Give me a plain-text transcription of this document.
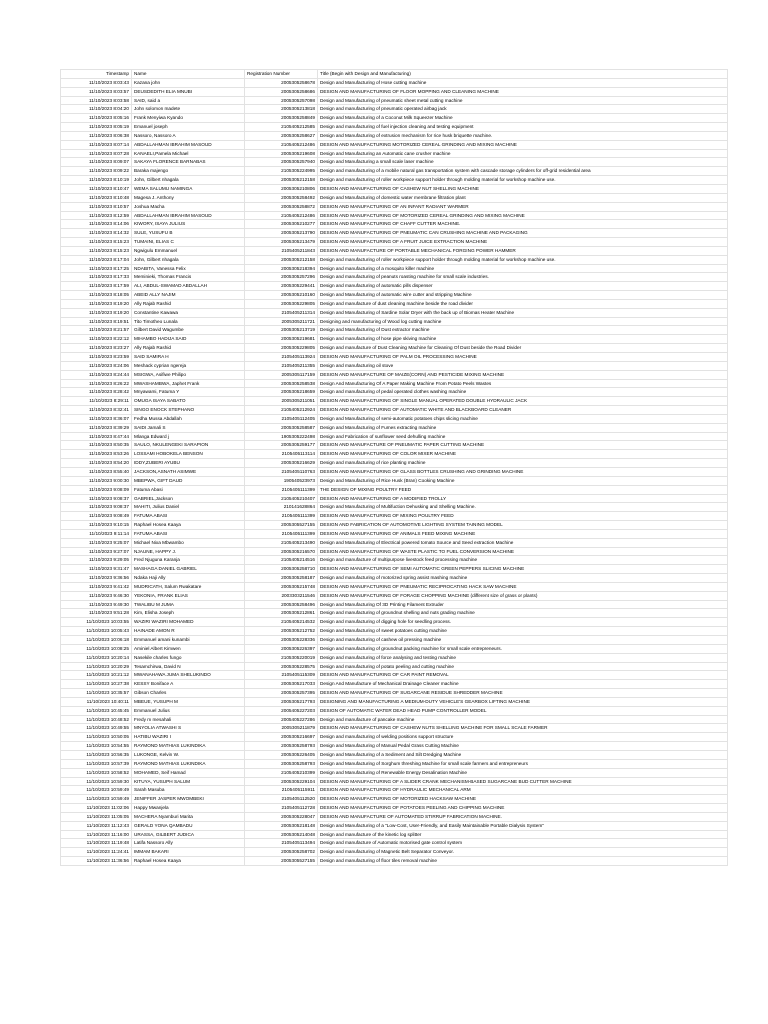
Timestamp	Name	Registration Number	Title (Begin with Design and Manufacturing)
11/10/2023 8:03:43	Kazana john	2005305258678	Design and Manufacturing of Hose cutting machine
11/10/2023 8:03:57	DEUSDEDITH ELIA MNUBI	2005305258686	DESIGN AND MANUFACTURING OF FLOOR MOPPING AND CLEANING MACHINE
11/10/2023 8:03:58	SAID, said a	2005305257098	Design and Manufacturing of pneumatic sheet metal cutting machine
11/10/2023 8:04:20	John solomon madete	2005305213818	Design and manufacturing of pneumatic operated airbag jack
11/10/2023 8:05:16	Frank Menyiwa Kyando	2005305258849	Design and Manufacturing of a Coconut Milk Squeezer Machine
11/10/2023 8:05:19	Emanuel joseph	2105405212585	Design and manufacturing of fuel injection cleaning and testing equipment
11/10/2023 8:06:38	Nassoro, Nassoro A	2005305258627	Design and Manufacturing of extrusion mechanism for rice husk briquette machine.
11/10/2023 8:07:14	ABDALLAHMAN IBRAHIM MASOUD	2105405212486	DESIGN AND MANUFACTURING MOTORIZED CEREAL GRINDING AND MIXING MACHINE
11/10/2023 8:07:28	KANAELI,Pamela Michael	2005305219608	Design and Manufacturing an Automatic cane crusher machine
11/10/2023 8:09:07	SAKAYA FLORENCE BARNABAS	2005305257940	Design and Manufacturing a small scale laser machine
11/10/2023 8:09:22	Baraka majengo	2105305224995	Design and manufacturing of a mobile natural gas transportation system with cascade storage cylinders for off-grid residential area
11/10/2023 8:10:19	John, Gilbert nhagala	2005305212158	Design and manufacturing of roller workpiece support holder through molding material for workshop machine use.
11/10/2023 8:10:47	WEMA SALUMU NAMINGA	2005305210806	DESIGN AND MANUFACTURING OF CASHEW NUT SHELLING MACHINE
11/10/2023 8:10:48	Magesa J. Anthony	2005305258492	Design and Manufacturing of domestic water membrane filtration plant
11/10/2023 8:10:57	Joshua Macha	2005305258872	DESIGN AND MANUFACTURING OF AN INFANT RADIANT WARMER
11/10/2023 8:12:59	ABDALLAHMAN IBRAHIM MASOUD	2105405212486	DESIGN AND MANUFACTURING OF MOTORIZED CEREAL GRINDING AND MIXING MACHINE
11/10/2023 8:14:06	KIWORY, ISAYA JULIUS	2005305210277	DESIGN AND MANUFACTURING OF CHAFF CUTTER MACHINE.
11/10/2023 8:14:32	SULE, YUSUFU B	2005305213790	DESIGN AND MANUFACTURING OF PNEUMATIC CAN CRUSHING MACHINE AND PACKAGING
11/10/2023 8:15:23	TUMAINI, ELIAS C	2005305213479	DESIGN AND MANUFACTURING OF A FRUIT JUICE EXTRACTION MACHINE
11/10/2023 8:15:23	Ngwigulu Emmanuel	2105405211843	DESIGN AND MANUFACTURE OF PORTABLE MECHANICAL FORGING POWER HAMMER
11/10/2023 8:17:04	John, Gilbert nhagala	2005305212158	Design and manufacturing of roller workpiece support holder through molding material for workshop machine use.
11/10/2023 8:17:25	NDABITA, Vanessa Felix	2005305218394	Design and manufacturing of a mosquito killer machine
11/10/2023 8:17:33	Meminieki, Thomas Francis	2005305257296	Design and manufacturing of peanuts roasting machine for small scale industries.
11/10/2023 8:17:59	ALI, ABDUL-SWAMAD ABDALLAH	2005305229441	Design and manufacturing of automatic pills dispenser
11/10/2023 8:18:05	ABEID ALLY NAJIM	2005305210160	Design and Manufacturing of automatic wire cutter and stripping Machine
11/10/2023 8:19:20	Ally Rajab Rashid	2005305229805	Design and manufacture of dust cleaning machine beside the road divider
11/10/2023 8:19:20	Constantine Kawawa	2105405211314	Design and Manufacturing of Sardine Solar Dryer with the back up of Biomas Heater Machine
11/10/2023 8:19:51	Tito Timotheo Lunala	2005305211721	Designing and manufacturing of Wood log cutting machine
11/10/2023 8:21:57	Gilbert David Wagumbe	2005305213719	Design and Manufacturing of Dust extractor machine
11/10/2023 8:22:12	MIHAMBO HADIJA SAID	2005305219681	Design and manufacturing of hose pipe skiving machine
11/10/2023 8:23:27	Ally Rajab Rashid	2005305229805	Design and manufacture of Dust Cleaning Machine for Cleaning Of Dust beside the Road Divider
11/10/2023 8:23:59	SAID SAMIRA H	2105405113924	DESIGN AND MANUFACTURING OF PALM OIL PROCESSING MACHINE
11/10/2023 8:24:06	Meshack cyprian ngereja	2105405211355	Design and manufacturing oil stove
11/10/2023 8:24:44	MSIGWA, Asifiwe Philipo	2005305117159	DESIGN AND MANUFACTURE OF MAIZE(CORN) AND PESTICIDE MIXING MACHINE
11/10/2023 8:26:22	MWASHAMBWA, Japhet Frank	2005305258538	Design And Manufacturing Of A Paper Making Machine From Potato Peels Wastes
11/10/2023 8:28:42	Mnyawami, Fatuma Y	2005305218659	Design and manufacturing of pedal operated clothes washing machine
11/10/2023 8:29:11	OMUGA ISAYA SABATO	2005305211051	DESIGN AND MANUFACTURING OF SINGLE MANUAL OPERATED DOUBLE HYDRAULIC JACK
11/10/2023 8:32:41	SINGO ENOCK STEPHANO	2105405212924	DESIGN AND MANUFACTURING OF AUTOMATIC WHITE AND BLACKBOARD CLEANER
11/10/2023 8:36:07	Fedha Mussa Abdallah	2105405112405	Design and Manufacturing of semi-automatic potatoes chips slicing machine
11/10/2023 8:39:29	SAIDI Jamali S	2005305258587	Design and Manufacturing of Fumes extracting machine
11/10/2023 8:47:44	Mlanga Edward j	1905305222498	Design and Fabrication of sunflower seed dehulling machine
11/10/2023 8:50:35	SAULO, NKULENGEKI SARAPION	2005305259177	DESIGN AND MANUFACTURE OF PNEUMATIC PAPER CUTTING MACHINE
11/10/2023 8:53:26	LOSSAMI HOBOKELA BENSON	2105405113114	DESIGN AND MANUFACTURING OF COLOR MIXER MACHINE
11/10/2023 8:54:20	IDDY,ZUBERI AYUBU	2005305216629	Design and manufacturing of rice planting machine
11/10/2023 8:55:40	JACKSON,ASNATH ASIMWE	2105405110763	DESIGN AND MANUFACTURING OF GLASS BOTTLES CRUSHING AND GRINDING MACHINE
11/10/2023 9:00:30	MBEPWA, GIFT DAUD	190540523973	Design and Manufacturing of Rice Husk (Bran) Cooking Machine
11/10/2023 9:08:09	Fatuma Abasi	2105405111399	THE DESIGN OF MIXING POULTRY FEED
11/10/2023 9:08:37	GABRIEL,Jackson	2105405210407	DESIGN AND MANUFACTURING OF A MODIFIED TROLLY
11/10/2023 9:08:37	MAHITI, Julius Daniel	210141628864	Design and Manufacturing of Multifuction Dehusking and Shelling Machine.
11/10/2023 9:08:49	FATUMA ABASI	2105405111399	DESIGN AND MANUFACTURING OF MIXING POULTRY FEED
11/10/2023 9:10:15	Raphael Hosea Kaaya	2005305527155	DESIGN AND FABRICATION OF AUTOMOTIVE LIGHTING SYSTEM TAINING MODEL
11/10/2023 9:11:14	FATUMA ABASI	2105405111399	DESIGN AND MANUFACTURING OF ANIMALS FEED MIXING MACHINE
11/10/2023 9:25:07	Michael Nixa Mbwambo	2105405213490	Design and Manufacturing of Electrical powered tomato Source and Seed extraction Machine
11/10/2023 9:27:07	NJAUNE, HAPPY J.	2005305216570	DESIGN AND MANUFACTURING OF WASTE PLASTIC TO FUEL CONVERSION MACHINE
11/10/2023 9:29:05	Fred Njuguna Karanja	2105405214516	Design and manufacture of multipurpose livestock feed processing machine
11/10/2023 9:31:47	MASHAGA DANIEL GABRIEL	2005305258710	DESIGN AND MANUFACTURING OF SEMI AUTOMATIC GREEN PEPPERS SLICING MACHINE
11/10/2023 9:36:56	Ndaka Haji Ally	2005305258187	Design and manufacturing of motorized spring assist mashing machine
11/10/2023 9:41:42	MUDRICATH, Salum Rwakatare	2005305215748	DESIGN AND MANUFACTURING OF PNEUMATIC RECIPROCATING HACK SAW MACHINE
11/10/2023 9:46:30	YEKONIA, FRANK ELIAS	2003303211546	DESIGN AND MANUFACTURING OF FORAGE CHOPPING MACHINE (different size of grass or plants)
11/10/2023 9:49:30	TWALIBU M JUMA	2005305258496	Design and Manufacturing Of 3D Printing Filament Extruder
11/10/2023 9:51:28	Kim, Elisha Joseph	2005305212861	Design and manufacturing of groundnut shelling and nuts grading machine
11/10/2023 10:03:55	WAZIRI WAZIRI MOHAMED	2105405214532	Design and manufacturing of digging hole for seedling process.
11/10/2023 10:05:43	HAINADE AMON R	2005305212752	Design and Manufacturing of sweet potatoes cutting machine
11/10/2023 10:06:18	Emmanuel amani kunambi	2005305228336	Design and manufacturing of cashew oil pressing machine
11/10/2023 10:08:25	Aminiel Albert Kimwen	2005305226397	Design and manufacturing of groundnut packing machine for small scale entrepreneurs.
11/10/2023 10:20:14	Nasekile charles fungo	2105305220019	Design and manufacturing of force analysing and testing machine
11/10/2023 10:20:29	Tesamchirwa, David N	2005305228575	Design and manufacturing of potato peeling and cutting machine
11/10/2023 10:21:12	MWANAHAWA JUMA SHELUKINDO	2105405115309	DESIGN AND MANUFACTURING OF CAR PAINT REMOVAL
11/10/2023 10:27:38	KESSY Boniface A	2005305217033	Design And Manufacture of Mechanical Drainage Cleaner machine
11/10/2023 10:35:57	Gibson Charles	2005305257395	DESIGN AND MANUFACTURING OF SUGARCANE RESIDUE SHREDDER MACHINE
11/10/2023 10:40:11	MBEUE, YUSUPH M	2005305217793	DESIGNING AND MANUFACTURING A MEDIUM-DUTY VEHICLE'S GEARBOX LIFTING MACHINE
11/10/2023 10:45:45	Emmanuel Julius	2005405227203	DESIGN OF AUTOMATIC WATER DEAD HEAD PUMP CONTROLLER MODEL
11/10/2023 10:48:52	Fredy m mesahali	2005405227286	Design and manufacture of pancake machine
11/10/2023 10:49:55	MNYOLIA ATWASHI S	2005305211879	DESIGN AND MANUFACTURING OF CASHEW NUTS SHELLING MACHINE FOR SMALL SCALE FARMER
11/10/2023 10:50:05	HATIBU WAZIRI I	2005305216697	Design and manufacturing of welding positions support structure
11/10/2023 10:54:55	RAYMOND MATHIAS LUKINDIKA	2005305258793	Design and Manufacturing of Manual Pedal Grass Cutting Machine
11/10/2023 10:56:35	LUKONGE, Kelvin W.	2005305226405	Design and Manufacturing of a Sediment and Silt Dredging Machine
11/10/2023 10:57:39	RAYMOND MATHIAS LUKINDIKA	2005305258793	Design and Manufacturing of Sorghum threshing Machine for small scale farmers and entrepreneurs
11/10/2023 10:58:52	MOHAMED, Seif Hamad	2105405210399	Design and Manufacturing of Renewable Energy Desalination Machine
11/10/2023 10:59:30	KITUYA, YUSUPH SALUM	2005305229104	DESIGN AND MANUFACTURING OF A SLIDER CRANK MECHANISM-BASED SUGARCANE BUD CUTTER MACHINE
11/10/2023 10:59:49	Sarah Masuba	2105405115911	DESIGN AND MANUFACTURING OF HYDRAULIC MECHANICAL ARM
11/10/2023 10:59:49	JENIFFER JASPER MWOMBEKI	2105405112520	DESIGN AND MANUFACTURING OF MOTORIZED HACKSAW MACHINE
11/10/2023 11:02:06	Happy Mwanjela	2105405112728	DESIGN AND MANUFACTURING OF POTATOES PEELING AND CHIPPING MACHINE
11/10/2023 11:05:05	MACHERA Nyamburi Marita	2005305228047	DESIGN AND MANUFACTURE OF AUTOMATED STIRRUP FABRICATION MACHINE.
11/10/2023 11:12:43	GERALD YONA QAMBADU	2005305218148	Design and Manufacturing of a "Low-Cost, User-Friendly, and Easily Maintainable Portable Dialysis System"
11/10/2023 11:16:00	URASSA, GILBERT JUDICA	2005305214048	Design and manufacture of the kinetic log splitter
11/10/2023 11:19:48	Latifa Nassoro Ally	2105405113494	Design and manufacture of Automatic motorised gate control system
11/10/2023 11:24:41	IMMAM BAKARI	2005305258702	Design and manufacturing of Magnetic Belt Separator Conveyor.
11/10/2023 11:36:56	Raphael Hosea Kaaya	2005305527155	Design and manufacturing of floor tiles removal machine
